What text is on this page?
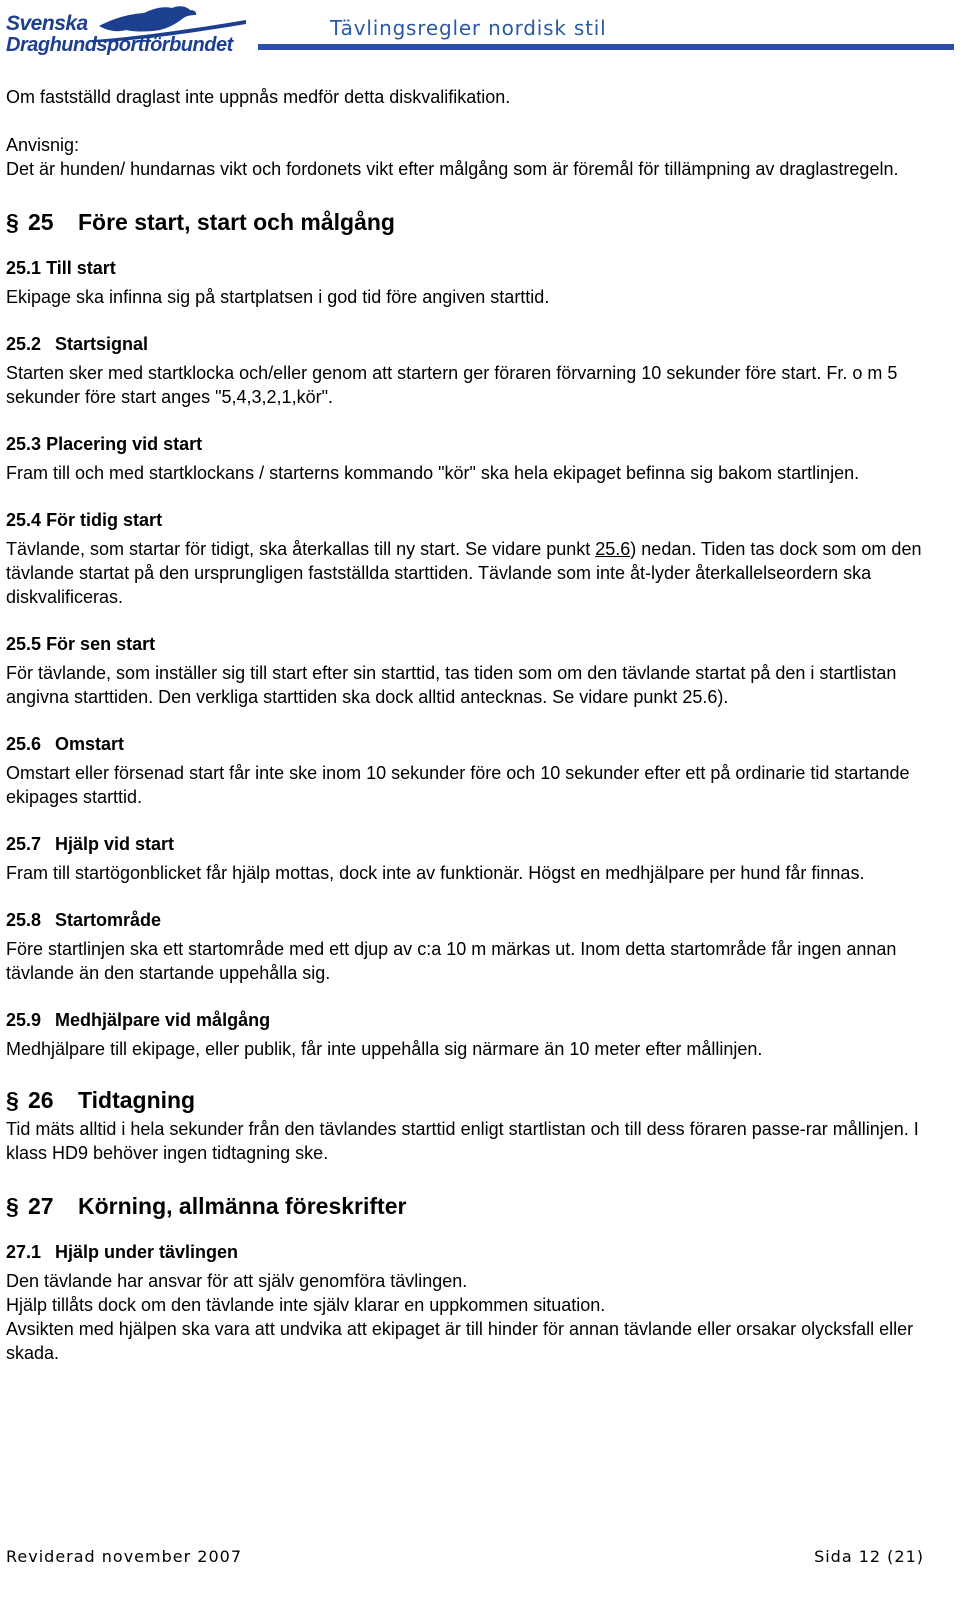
Svenska
Draghundsportförbundet
Tävlingsregler nordisk stil

Om fastställd draglast inte uppnås medför detta diskvalifikation.

Anvisnig:

Det är hunden/ hundarnas vikt och fordonets vikt efter målgång som är föremål för tillämpning av draglastregeln.

§ 25 Före start, start och målgång

25.1 Till start

Ekipage ska infinna sig på startplatsen i god tid före angiven starttid.

25.2 Startsignal

Starten sker med startklocka och/eller genom att startern ger föraren förvarning 10 sekunder före start. Fr. o m 5 sekunder före start anges "5,4,3,2,1,kör".

25.3 Placering vid start

Fram till och med startklockans / starterns kommando "kör" ska hela ekipaget befinna sig bakom startlinjen.

25.4 För tidig start

Tävlande, som startar för tidigt, ska återkallas till ny start. Se vidare punkt 25.6) nedan. Tiden tas dock som om den tävlande startat på den ursprungligen fastställda starttiden. Tävlande som inte åt-lyder återkallelseordern ska diskvalificeras.

25.5 För sen start

För tävlande, som inställer sig till start efter sin starttid, tas tiden som om den tävlande startat på den i startlistan angivna starttiden. Den verkliga starttiden ska dock alltid antecknas. Se vidare punkt 25.6).

25.6 Omstart

Omstart eller försenad start får inte ske inom 10 sekunder före och 10 sekunder efter ett på ordinarie tid startande ekipages starttid.

25.7 Hjälp vid start

Fram till startögonblicket får hjälp mottas, dock inte av funktionär. Högst en medhjälpare per hund får finnas.

25.8 Startområde

Före startlinjen ska ett startområde med ett djup av c:a 10 m märkas ut. Inom detta startområde får ingen annan tävlande än den startande uppehålla sig.

25.9 Medhjälpare vid målgång

Medhjälpare till ekipage, eller publik, får inte uppehålla sig närmare än 10 meter efter mållinjen.

§ 26 Tidtagning

Tid mäts alltid i hela sekunder från den tävlandes starttid enligt startlistan och till dess föraren passe-rar mållinjen. I klass HD9 behöver ingen tidtagning ske.

§ 27 Körning, allmänna föreskrifter

27.1 Hjälp under tävlingen

Den tävlande har ansvar för att själv genomföra tävlingen.

Hjälp tillåts dock om den tävlande inte själv klarar en uppkommen situation.

Avsikten med hjälpen ska vara att undvika att ekipaget är till hinder för annan tävlande eller orsakar olycksfall eller skada.

Reviderad november 2007	Sida 12 (21)
